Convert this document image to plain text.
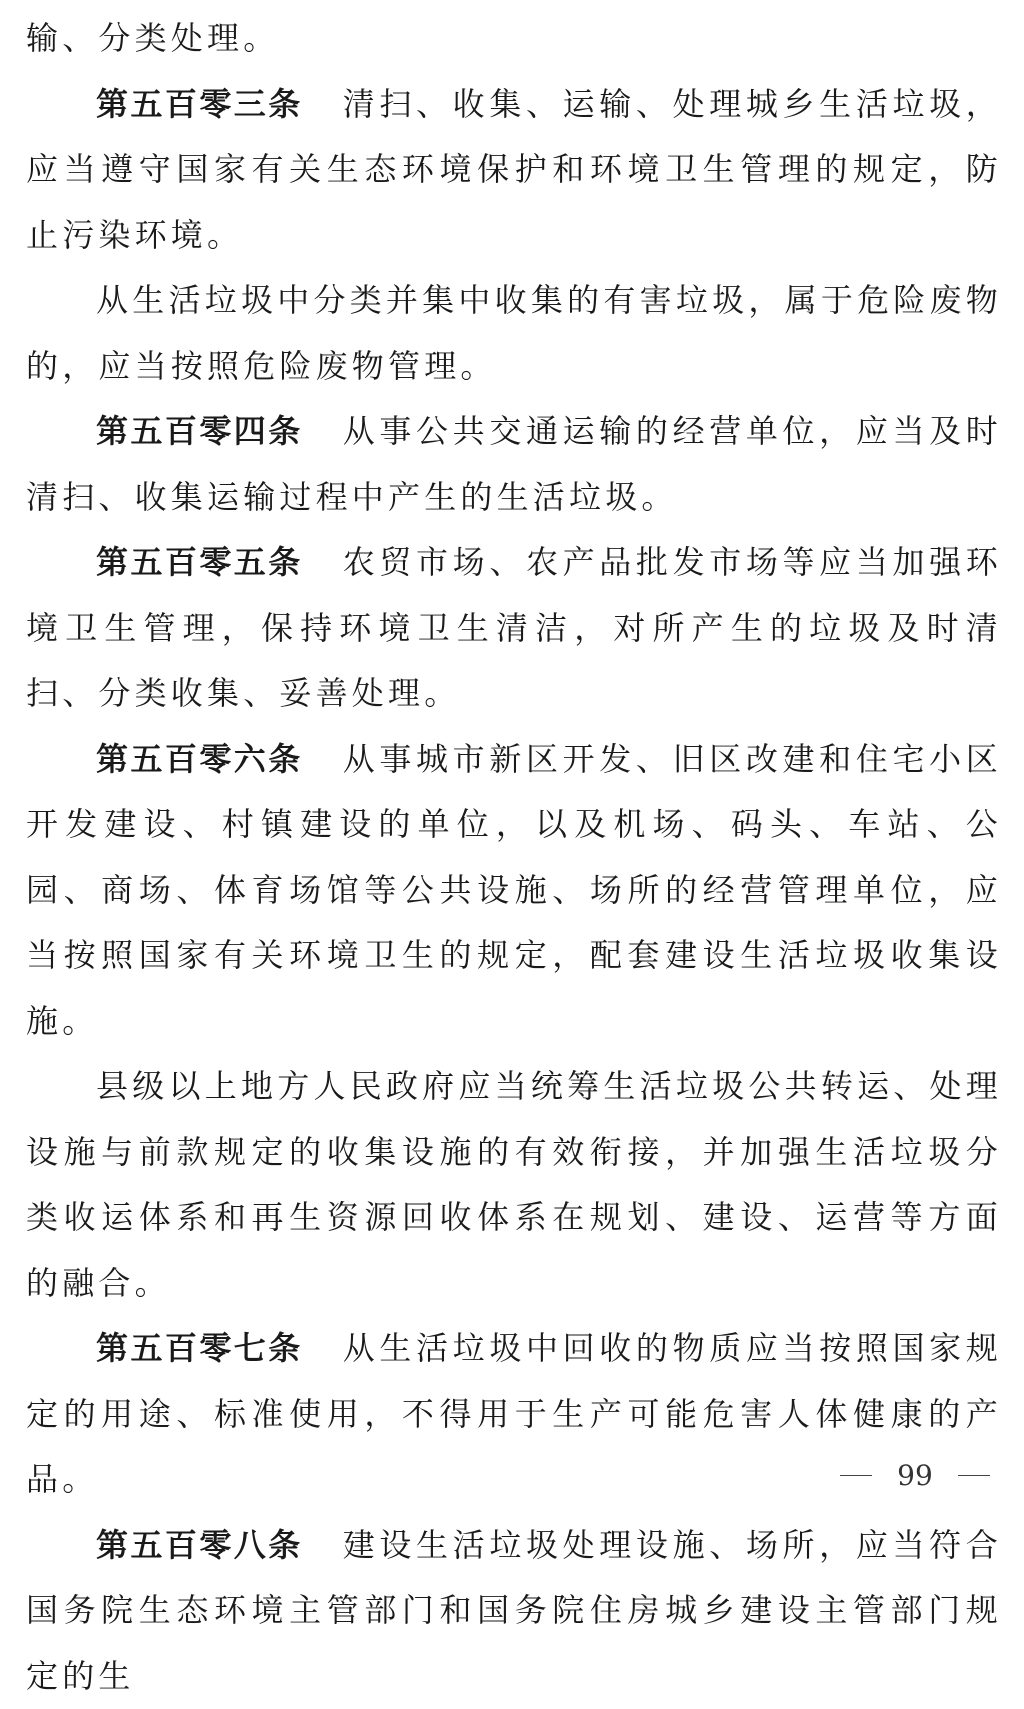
输、分类处理。

第五百零三条 清扫、收集、运输、处理城乡生活垃圾，应当遵守国家有关生态环境保护和环境卫生管理的规定，防止污染环境。

从生活垃圾中分类并集中收集的有害垃圾，属于危险废物的，应当按照危险废物管理。

第五百零四条 从事公共交通运输的经营单位，应当及时清扫、收集运输过程中产生的生活垃圾。

第五百零五条 农贸市场、农产品批发市场等应当加强环境卫生管理，保持环境卫生清洁，对所产生的垃圾及时清扫、分类收集、妥善处理。

第五百零六条 从事城市新区开发、旧区改建和住宅小区开发建设、村镇建设的单位，以及机场、码头、车站、公园、商场、体育场馆等公共设施、场所的经营管理单位，应当按照国家有关环境卫生的规定，配套建设生活垃圾收集设施。

县级以上地方人民政府应当统筹生活垃圾公共转运、处理设施与前款规定的收集设施的有效衔接，并加强生活垃圾分类收运体系和再生资源回收体系在规划、建设、运营等方面的融合。

第五百零七条 从生活垃圾中回收的物质应当按照国家规定的用途、标准使用，不得用于生产可能危害人体健康的产品。

第五百零八条 建设生活垃圾处理设施、场所，应当符合国务院生态环境主管部门和国务院住房城乡建设主管部门规定的生

99
